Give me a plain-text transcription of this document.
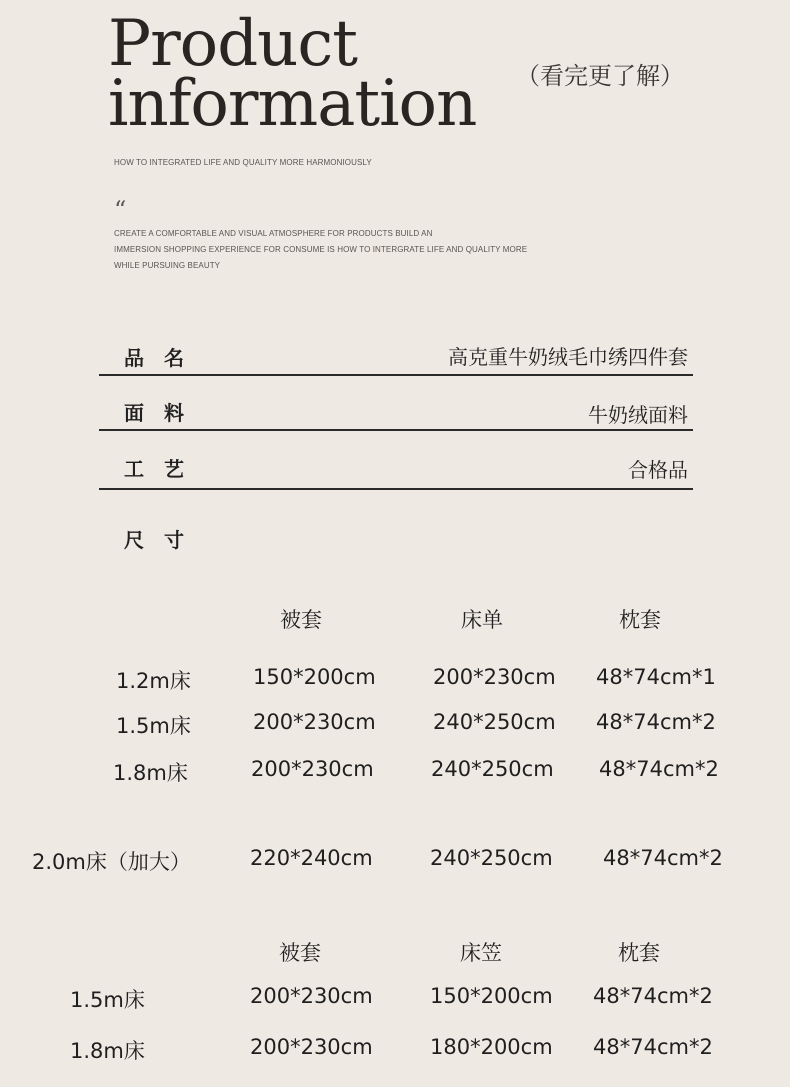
Product
information （看完更了解）
HOW TO INTEGRATED LIFE AND QUALITY MORE HARMONIOUSLY
“
CREATE A COMFORTABLE AND VISUAL ATMOSPHERE FOR PRODUCTS BUILD AN
IMMERSION SHOPPING EXPERIENCE FOR CONSUME IS HOW TO INTERGRATE LIFE AND QUALITY MORE
WHILE PURSUING BEAUTY
品　名	高克重牛奶绒毛巾绣四件套
面　料	牛奶绒面料
工　艺	合格品
尺　寸
被套	床单	枕套
1.2m床	150*200cm	200*230cm 48*74cm*1
1.5m床	200*230cm	240*250cm 48*74cm*2
1.8m床	200*230cm	240*250cm 48*74cm*2
2.0m床（加大）	220*240cm	240*250cm 48*74cm*2
被套	床笠	枕套
1.5m床	200*230cm	150*200cm 48*74cm*2
1.8m床	200*230cm	180*200cm 48*74cm*2
